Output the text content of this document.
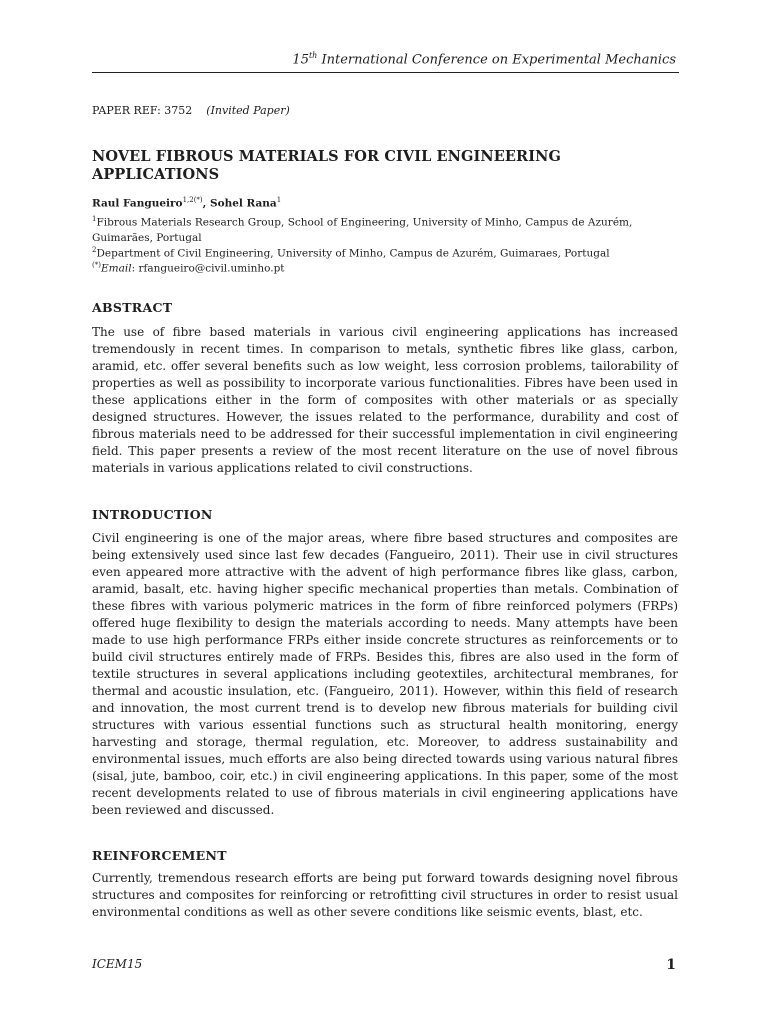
15th International Conference on Experimental Mechanics
PAPER REF: 3752 (Invited Paper)
NOVEL FIBROUS MATERIALS FOR CIVIL ENGINEERING APPLICATIONS
Raul Fangueiro$^{1,2(*)}$, Sohel Rana$^1$
$^1$Fibrous Materials Research Group, School of Engineering, University of Minho, Campus de Azurém, Guimarães, Portugal
$^2$Department of Civil Engineering, University of Minho, Campus de Azurém, Guimaraes, Portugal
(*)Email: rfangueiro@civil.uminho.pt
ABSTRACT
The use of fibre based materials in various civil engineering applications has increased tremendously in recent times. In comparison to metals, synthetic fibres like glass, carbon, aramid, etc. offer several benefits such as low weight, less corrosion problems, tailorability of properties as well as possibility to incorporate various functionalities. Fibres have been used in these applications either in the form of composites with other materials or as specially designed structures. However, the issues related to the performance, durability and cost of fibrous materials need to be addressed for their successful implementation in civil engineering field. This paper presents a review of the most recent literature on the use of novel fibrous materials in various applications related to civil constructions.
INTRODUCTION
Civil engineering is one of the major areas, where fibre based structures and composites are being extensively used since last few decades (Fangueiro, 2011). Their use in civil structures even appeared more attractive with the advent of high performance fibres like glass, carbon, aramid, basalt, etc. having higher specific mechanical properties than metals. Combination of these fibres with various polymeric matrices in the form of fibre reinforced polymers (FRPs) offered huge flexibility to design the materials according to needs. Many attempts have been made to use high performance FRPs either inside concrete structures as reinforcements or to build civil structures entirely made of FRPs. Besides this, fibres are also used in the form of textile structures in several applications including geotextiles, architectural membranes, for thermal and acoustic insulation, etc. (Fangueiro, 2011). However, within this field of research and innovation, the most current trend is to develop new fibrous materials for building civil structures with various essential functions such as structural health monitoring, energy harvesting and storage, thermal regulation, etc. Moreover, to address sustainability and environmental issues, much efforts are also being directed towards using various natural fibres (sisal, jute, bamboo, coir, etc.) in civil engineering applications. In this paper, some of the most recent developments related to use of fibrous materials in civil engineering applications have been reviewed and discussed.
REINFORCEMENT
Currently, tremendous research efforts are being put forward towards designing novel fibrous structures and composites for reinforcing or retrofitting civil structures in order to resist usual environmental conditions as well as other severe conditions like seismic events, blast, etc.
ICEM15	1
